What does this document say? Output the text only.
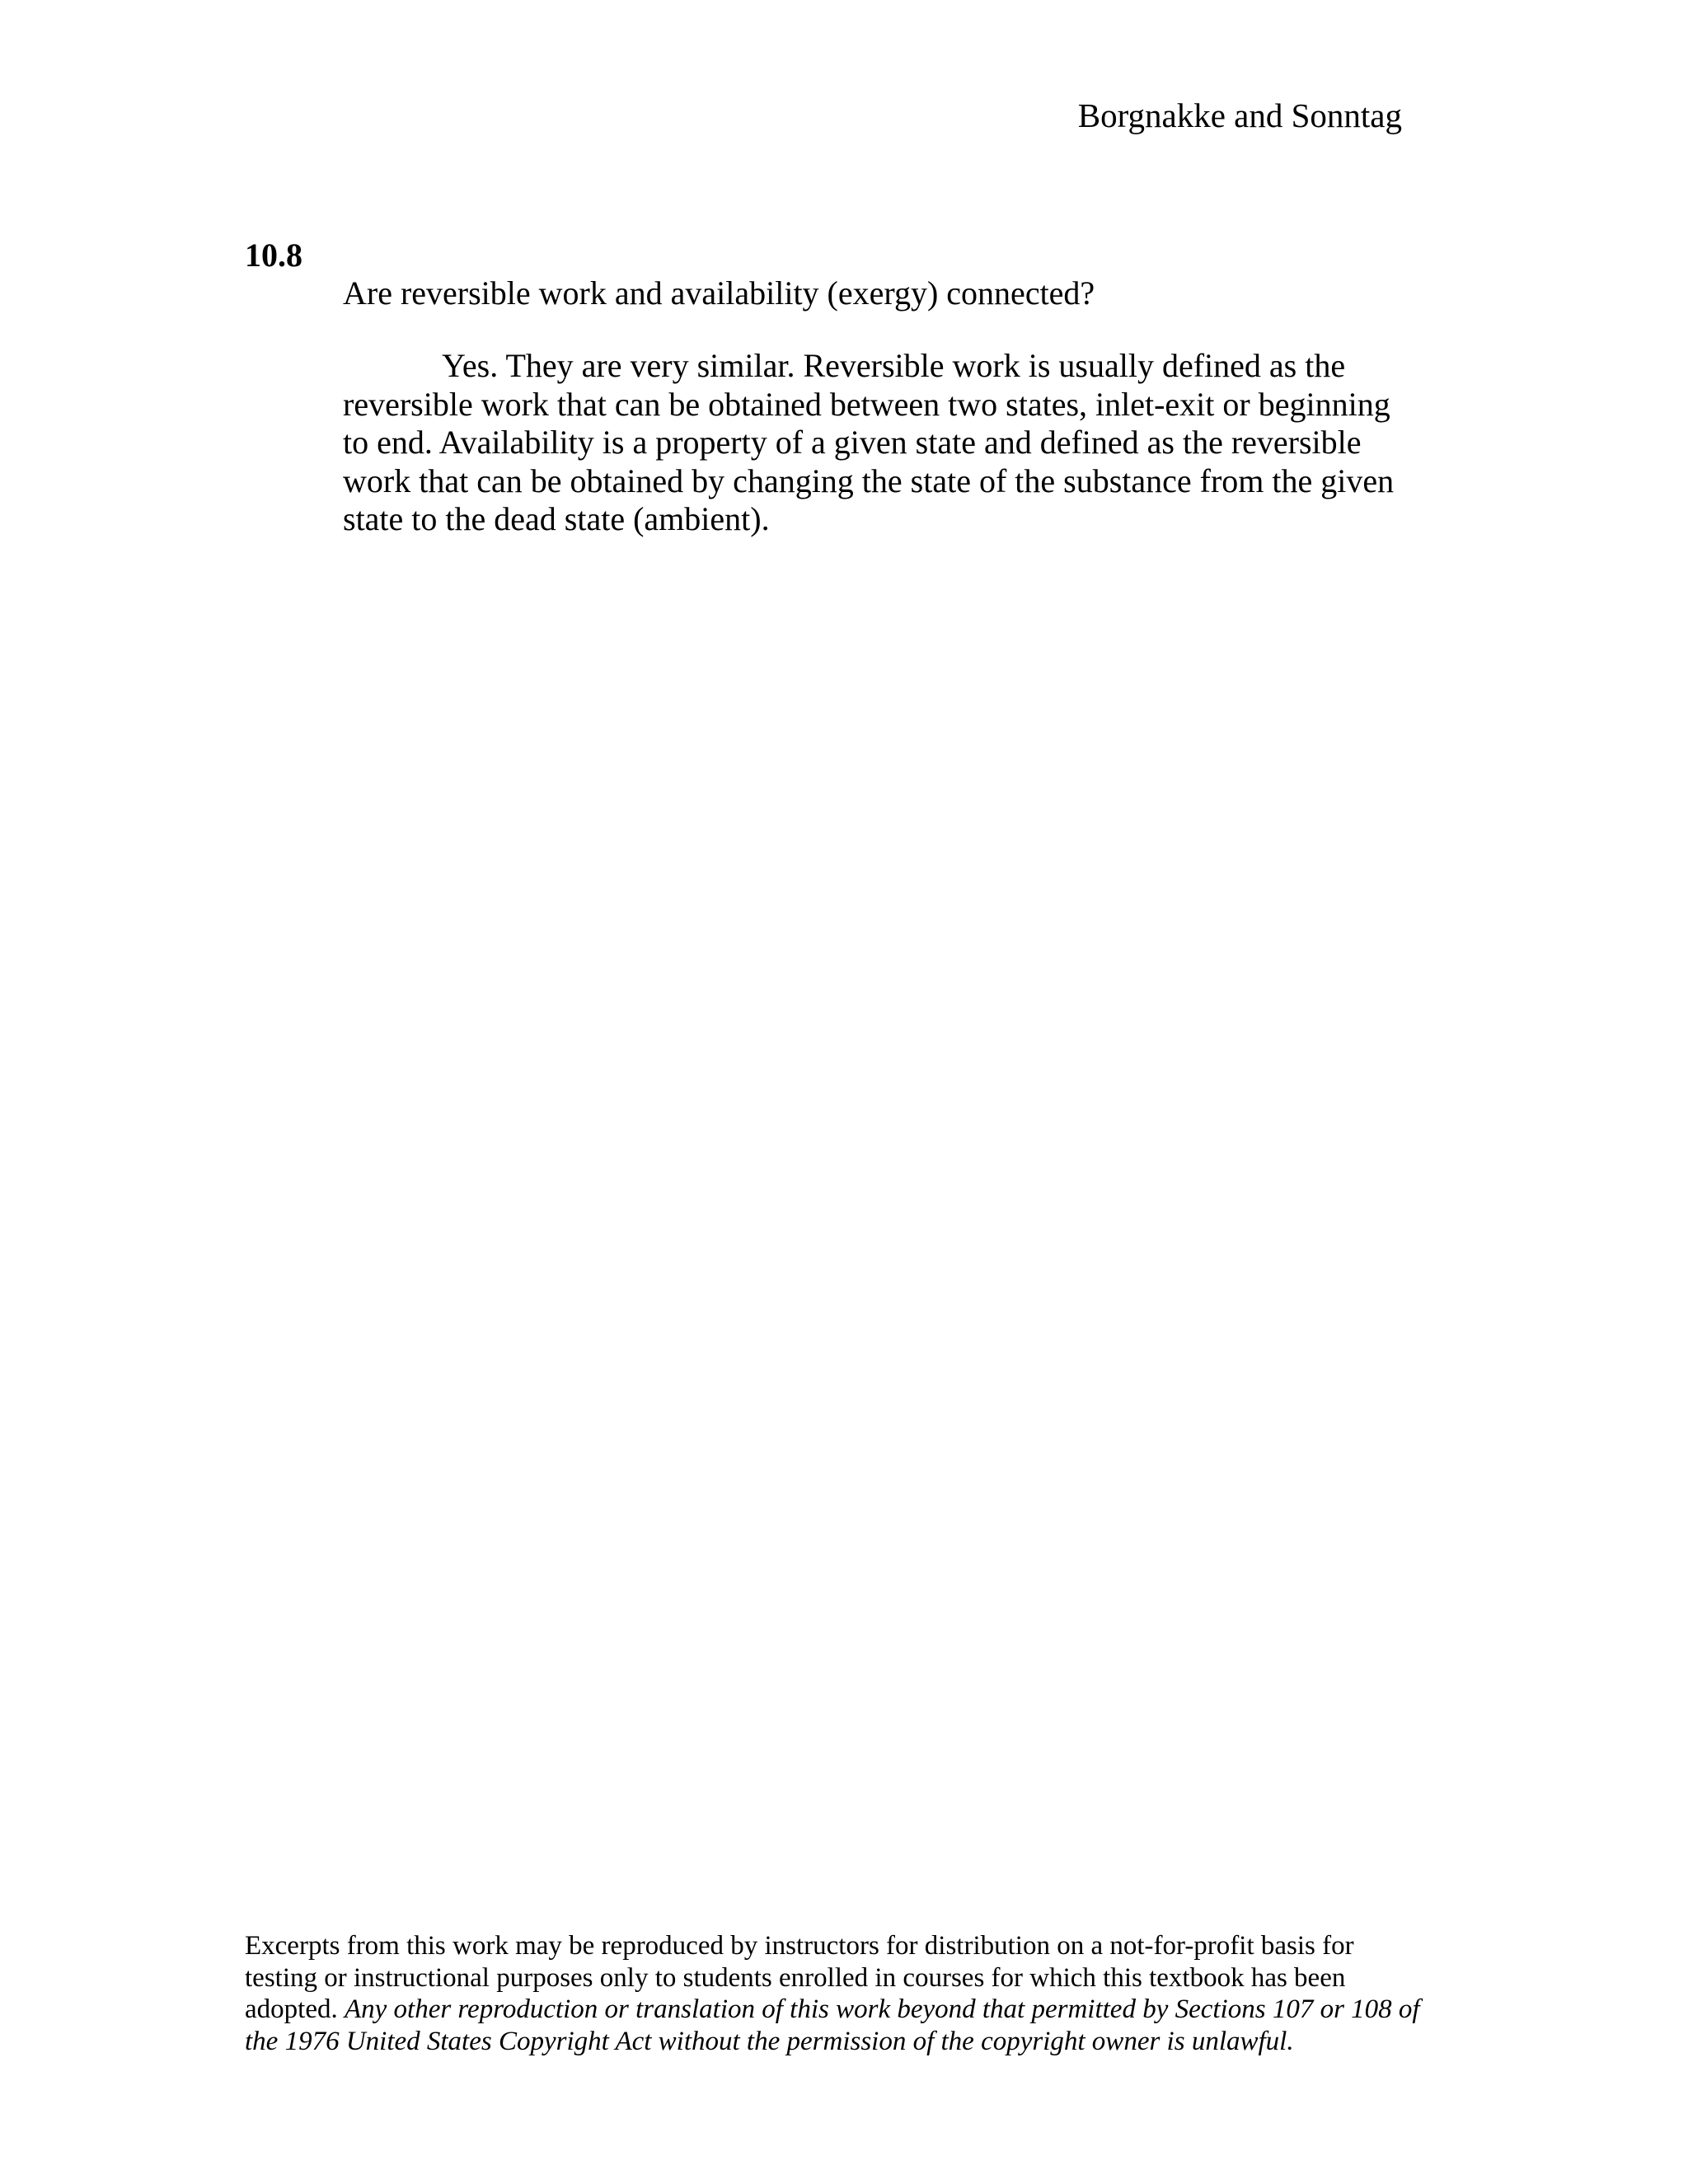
Borgnakke and Sonntag
10.8
Are reversible work and availability (exergy) connected?

Yes. They are very similar. Reversible work is usually defined as the reversible work that can be obtained between two states, inlet-exit or beginning to end. Availability is a property of a given state and defined as the reversible work that can be obtained by changing the state of the substance from the given state to the dead state (ambient).

Excerpts from this work may be reproduced by instructors for distribution on a not-for-profit basis for testing or instructional purposes only to students enrolled in courses for which this textbook has been adopted. Any other reproduction or translation of this work beyond that permitted by Sections 107 or 108 of the 1976 United States Copyright Act without the permission of the copyright owner is unlawful.
